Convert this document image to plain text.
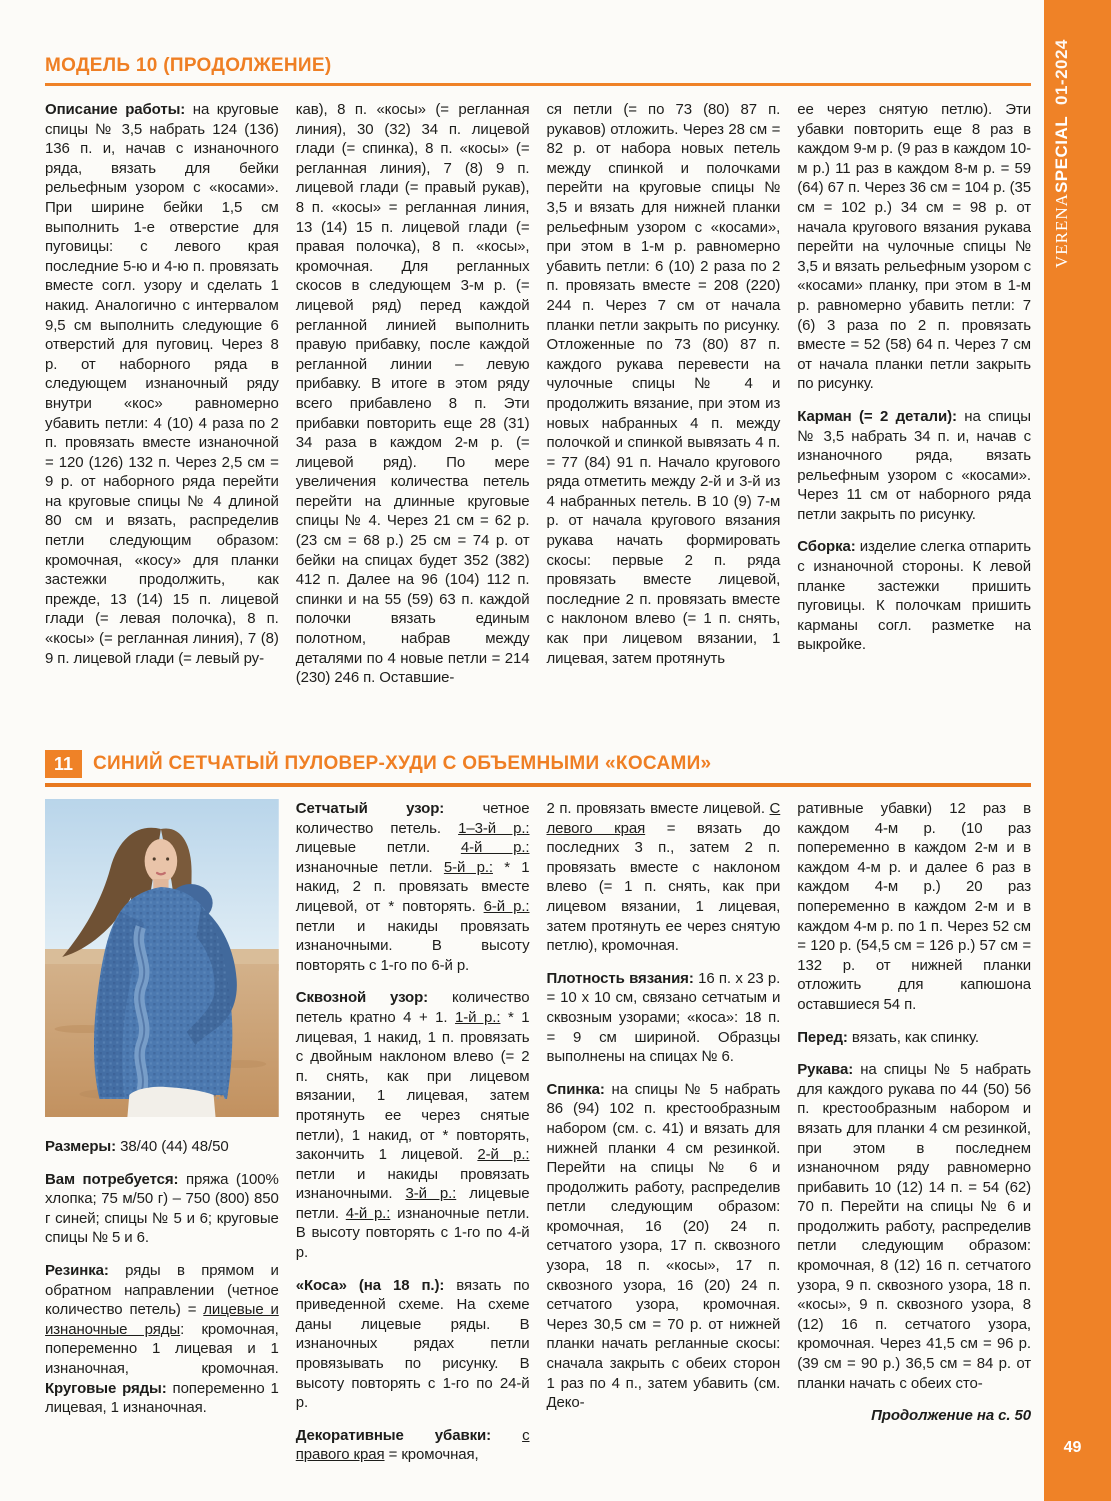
VERENASPECIAL  01-2024
49
МОДЕЛЬ 10 (ПРОДОЛЖЕНИЕ)

Описание работы: на круговые спицы № 3,5 набрать 124 (136) 136 п. и, начав с изнаночного ряда, вязать для бейки рельефным узором с «косами». При ширине бейки 1,5 см выполнить 1-е отверстие для пуговицы: с левого края последние 5-ю и 4-ю п. провязать вместе согл. узору и сделать 1 накид. Аналогично с интервалом 9,5 см выполнить следующие 6 отверстий для пуговиц. Через 8 р. от наборного ряда в следующем изнаночный ряду внутри «кос» равномерно убавить петли: 4 (10) 4 раза по 2 п. провязать вместе изнаночной = 120 (126) 132 п. Через 2,5 см = 9 р. от наборного ряда перейти на круговые спицы № 4 длиной 80 см и вязать, распределив петли следующим образом: кромочная, «косу» для планки застежки продолжить, как прежде, 13 (14) 15 п. лицевой глади (= левая полочка), 8 п. «косы» (= регланная линия), 7 (8) 9 п. лицевой глади (= левый ру-

кав), 8 п. «косы» (= регланная линия), 30 (32) 34 п. лицевой глади (= спинка), 8 п. «косы» (= регланная линия), 7 (8) 9 п. лицевой глади (= правый рукав), 8 п. «косы» = регланная линия, 13 (14) 15 п. лицевой глади (= правая полочка), 8 п. «косы», кромочная. Для регланных скосов в следующем 3-м р. (= лицевой ряд) перед каждой регланной линией выполнить правую прибавку, после каждой регланной линии – левую прибавку. В итоге в этом ряду всего прибавлено 8 п. Эти прибавки повторить еще 28 (31) 34 раза в каждом 2-м р. (= лицевой ряд). По мере увеличения количества петель перейти на длинные круговые спицы № 4. Через 21 см = 62 р. (23 см = 68 р.) 25 см = 74 р. от бейки на спицах будет 352 (382) 412 п. Далее на 96 (104) 112 п. спинки и на 55 (59) 63 п. каждой полочки вязать единым полотном, набрав между деталями по 4 новые петли = 214 (230) 246 п. Оставшие-

ся петли (= по 73 (80) 87 п. рукавов) отложить. Через 28 см = 82 р. от набора новых петель между спинкой и полочками перейти на круговые спицы № 3,5 и вязать для нижней планки рельефным узором с «косами», при этом в 1-м р. равномерно убавить петли: 6 (10) 2 раза по 2 п. провязать вместе = 208 (220) 244 п. Через 7 см от начала планки петли закрыть по рисунку. Отложенные по 73 (80) 87 п. каждого рукава перевести на чулочные спицы № 4 и продолжить вязание, при этом из новых набранных 4 п. между полочкой и спинкой вывязать 4 п. = 77 (84) 91 п. Начало кругового ряда отметить между 2-й и 3-й из 4 набранных петель. В 10 (9) 7-м р. от начала кругового вязания рукава начать формировать скосы: первые 2 п. ряда провязать вместе лицевой, последние 2 п. провязать вместе с наклоном влево (= 1 п. снять, как при лицевом вязании, 1 лицевая, затем протянуть

ее через снятую петлю). Эти убавки повторить еще 8 раз в каждом 9-м р. (9 раз в каждом 10-м р.) 11 раз в каждом 8-м р. = 59 (64) 67 п. Через 36 см = 104 р. (35 см = 102 р.) 34 см = 98 р. от начала кругового вязания рукава перейти на чулочные спицы № 3,5 и вязать рельефным узором с «косами» планку, при этом в 1-м р. равномерно убавить петли: 7 (6) 3 раза по 2 п. провязать вместе = 52 (58) 64 п. Через 7 см от начала планки петли закрыть по рисунку.

Карман (= 2 детали): на спицы № 3,5 набрать 34 п. и, начав с изнаночного ряда, вязать рельефным узором с «косами». Через 11 см от наборного ряда петли закрыть по рисунку.

Сборка: изделие слегка отпарить с изнаночной стороны. К левой планке застежки пришить пуговицы. К полочкам пришить карманы согл. разметке на выкройке.

11	СИНИЙ СЕТЧАТЫЙ ПУЛОВЕР-ХУДИ С ОБЪЕМНЫМИ «КОСАМИ»

Размеры: 38/40 (44) 48/50

Вам потребуется: пряжа (100% хлопка; 75 м/50 г) – 750 (800) 850 г синей; спицы № 5 и 6; круговые спицы № 5 и 6.

Резинка: ряды в прямом и обратном направлении (четное количество петель) = лицевые и изнаночные ряды: кромочная, попеременно 1 лицевая и 1 изнаночная, кромочная. Круговые ряды: попеременно 1 лицевая, 1 изнаночная.

Сетчатый узор: четное количество петель. 1–3-й р.: лицевые петли. 4-й р.: изнаночные петли. 5-й р.: * 1 накид, 2 п. провязать вместе лицевой, от * повторять. 6-й р.: петли и накиды провязать изнаночными. В высоту повторять с 1-го по 6-й р.

Сквозной узор: количество петель кратно 4 + 1. 1-й р.: * 1 лицевая, 1 накид, 1 п. провязать с двойным наклоном влево (= 2 п. снять, как при лицевом вязании, 1 лицевая, затем протянуть ее через снятые петли), 1 накид, от * повторять, закончить 1 лицевой. 2-й р.: петли и накиды провязать изнаночными. 3-й р.: лицевые петли. 4-й р.: изнаночные петли. В высоту повторять с 1-го по 4-й р.

«Коса» (на 18 п.): вязать по приведенной схеме. На схеме даны лицевые ряды. В изнаночных рядах петли провязывать по рисунку. В высоту повторять с 1-го по 24-й р.

Декоративные убавки: с правого края = кромочная,

2 п. провязать вместе лицевой. С левого края = вязать до последних 3 п., затем 2 п. провязать вместе с наклоном влево (= 1 п. снять, как при лицевом вязании, 1 лицевая, затем протянуть ее через снятую петлю), кромочная.

Плотность вязания: 16 п. х 23 р. = 10 х 10 см, связано сетчатым и сквозным узорами; «коса»: 18 п. = 9 см шириной. Образцы выполнены на спицах № 6.

Спинка: на спицы № 5 набрать 86 (94) 102 п. крестообразным набором (см. с. 41) и вязать для нижней планки 4 см резинкой. Перейти на спицы № 6 и продолжить работу, распределив петли следующим образом: кромочная, 16 (20) 24 п. сетчатого узора, 17 п. сквозного узора, 18 п. «косы», 17 п. сквозного узора, 16 (20) 24 п. сетчатого узора, кромочная. Через 30,5 см = 70 р. от нижней планки начать регланные скосы: сначала закрыть с обеих сторон 1 раз по 4 п., затем убавить (см. Деко-

ративные убавки) 12 раз в каждом 4-м р. (10 раз попеременно в каждом 2-м и в каждом 4-м р. и далее 6 раз в каждом 4-м р.) 20 раз попеременно в каждом 2-м и в каждом 4-м р. по 1 п. Через 52 см = 120 р. (54,5 см = 126 р.) 57 см = 132 р. от нижней планки отложить для капюшона оставшиеся 54 п.

Перед: вязать, как спинку.

Рукава: на спицы № 5 набрать для каждого рукава по 44 (50) 56 п. крестообразным набором и вязать для планки 4 см резинкой, при этом в последнем изнаночном ряду равномерно прибавить 10 (12) 14 п. = 54 (62) 70 п. Перейти на спицы № 6 и продолжить работу, распределив петли следующим образом: кромочная, 8 (12) 16 п. сетчатого узора, 9 п. сквозного узора, 18 п. «косы», 9 п. сквозного узора, 8 (12) 16 п. сетчатого узора, кромочная. Через 41,5 см = 96 р. (39 см = 90 р.) 36,5 см = 84 р. от планки начать с обеих сто-

Продолжение на с. 50
